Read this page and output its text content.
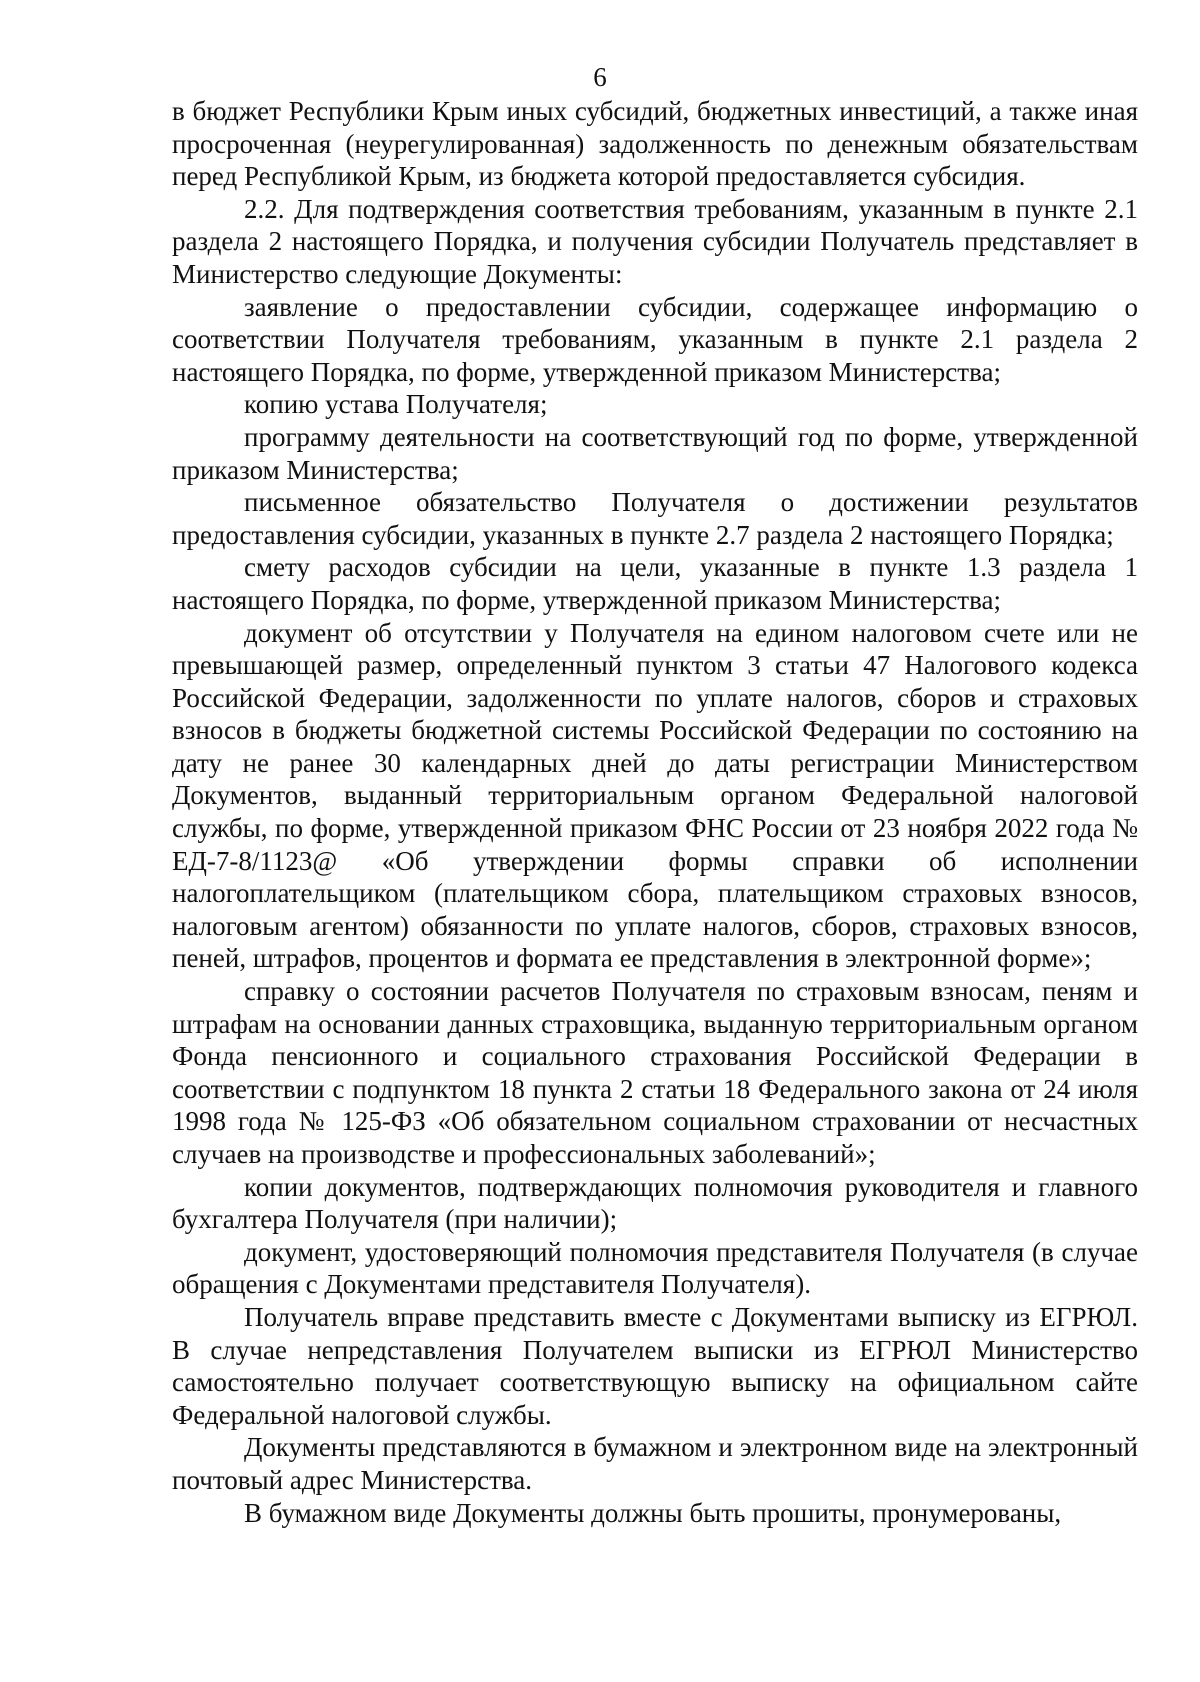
6

в бюджет Республики Крым иных субсидий, бюджетных инвестиций, а также иная просроченная (неурегулированная) задолженность по денежным обязательствам перед Республикой Крым, из бюджета которой предоставляется субсидия.

2.2. Для подтверждения соответствия требованиям, указанным в пункте 2.1 раздела 2 настоящего Порядка, и получения субсидии Получатель представляет в Министерство следующие Документы:

заявление о предоставлении субсидии, содержащее информацию о соответствии Получателя требованиям, указанным в пункте 2.1 раздела 2 настоящего Порядка, по форме, утвержденной приказом Министерства;

копию устава Получателя;

программу деятельности на соответствующий год по форме, утвержденной приказом Министерства;

письменное обязательство Получателя о достижении результатов предоставления субсидии, указанных в пункте 2.7 раздела 2 настоящего Порядка;

смету расходов субсидии на цели, указанные в пункте 1.3 раздела 1 настоящего Порядка, по форме, утвержденной приказом Министерства;

документ об отсутствии у Получателя на едином налоговом счете или не превышающей размер, определенный пунктом 3 статьи 47 Налогового кодекса Российской Федерации, задолженности по уплате налогов, сборов и страховых взносов в бюджеты бюджетной системы Российской Федерации по состоянию на дату не ранее 30 календарных дней до даты регистрации Министерством Документов, выданный территориальным органом Федеральной налоговой службы, по форме, утвержденной приказом ФНС России от 23 ноября 2022 года № ЕД-7-8/1123@ «Об утверждении формы справки об исполнении налогоплательщиком (плательщиком сбора, плательщиком страховых взносов, налоговым агентом) обязанности по уплате налогов, сборов, страховых взносов, пеней, штрафов, процентов и формата ее представления в электронной форме»;

справку о состоянии расчетов Получателя по страховым взносам, пеням и штрафам на основании данных страховщика, выданную территориальным органом Фонда пенсионного и социального страхования Российской Федерации в соответствии с подпунктом 18 пункта 2 статьи 18 Федерального закона от 24 июля 1998 года № 125-ФЗ «Об обязательном социальном страховании от несчастных случаев на производстве и профессиональных заболеваний»;

копии документов, подтверждающих полномочия руководителя и главного бухгалтера Получателя (при наличии);

документ, удостоверяющий полномочия представителя Получателя (в случае обращения с Документами представителя Получателя).

Получатель вправе представить вместе с Документами выписку из ЕГРЮЛ. В случае непредставления Получателем выписки из ЕГРЮЛ Министерство самостоятельно получает соответствующую выписку на официальном сайте Федеральной налоговой службы.

Документы представляются в бумажном и электронном виде на электронный почтовый адрес Министерства.

В бумажном виде Документы должны быть прошиты, пронумерованы,
